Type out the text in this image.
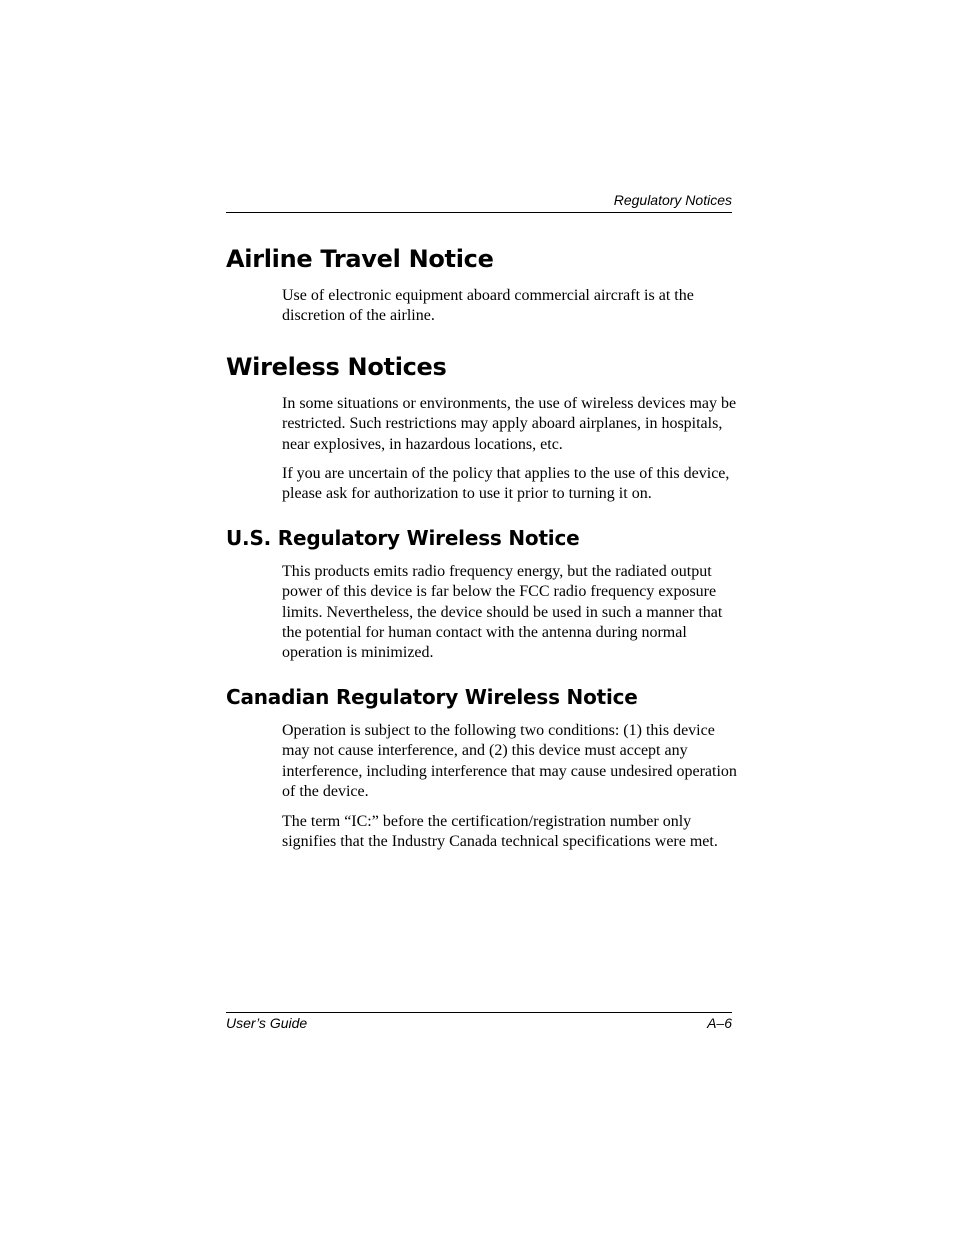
Regulatory Notices
Airline Travel Notice

Use of electronic equipment aboard commercial aircraft is at the discretion of the airline.

Wireless Notices

In some situations or environments, the use of wireless devices may be restricted. Such restrictions may apply aboard airplanes, in hospitals, near explosives, in hazardous locations, etc.

If you are uncertain of the policy that applies to the use of this device, please ask for authorization to use it prior to turning it on.

U.S. Regulatory Wireless Notice

This products emits radio frequency energy, but the radiated output power of this device is far below the FCC radio frequency exposure limits. Nevertheless, the device should be used in such a manner that the potential for human contact with the antenna during normal operation is minimized.

Canadian Regulatory Wireless Notice

Operation is subject to the following two conditions: (1) this device may not cause interference, and (2) this device must accept any interference, including interference that may cause undesired operation of the device.

The term “IC:” before the certification/registration number only signifies that the Industry Canada technical specifications were met.

User’s Guide	A–6
